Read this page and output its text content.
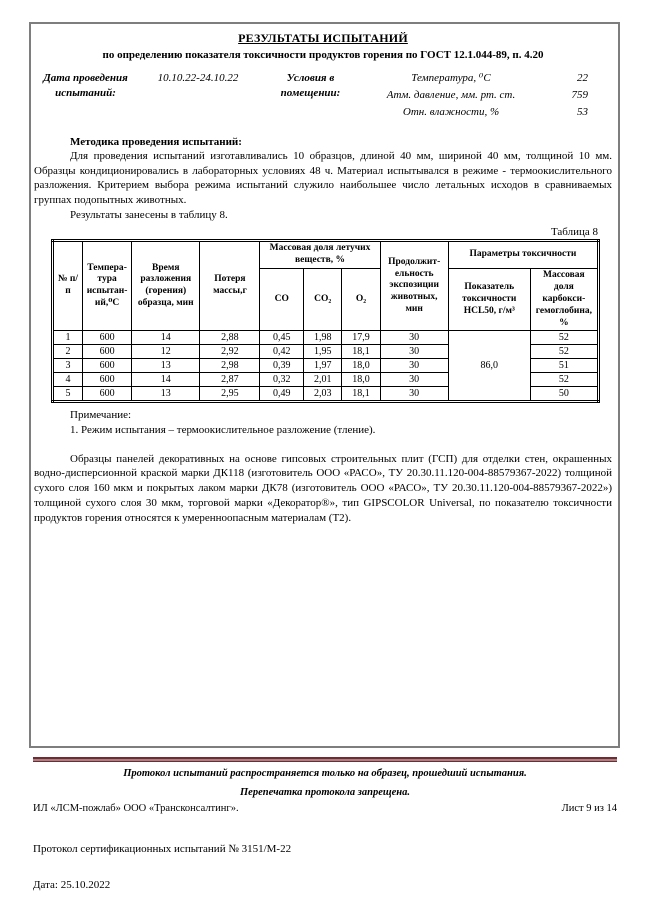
РЕЗУЛЬТАТЫ ИСПЫТАНИЙ
по определению показателя токсичности продуктов горения по ГОСТ 12.1.044-89, п. 4.20
Дата проведения испытаний:
10.10.22-24.10.22	Условия в помещении:
Температура, ⁰С	22
Атм. давление, мм. рт. ст.	759
Отн. влажности, %	53
Методика проведения испытаний:
Для проведения испытаний изготавливались 10 образцов, длиной 40 мм, шириной 40 мм, толщиной 10 мм. Образцы кондиционировались в лабораторных условиях 48 ч. Материал испытывался в режиме - термоокислительного разложения. Критерием выбора режима испытаний служило наибольшее число летальных исходов в сравниваемых группах подопытных животных.
Результаты занесены в таблицу 8.
Таблица 8
№ п/п	Температура испытаний,⁰С	Время разложения (горения) образца, мин	Потеря массы,г	Массовая доля летучих веществ, %			Продолжительность экспозиции животных, мин	Параметры токсичности	
				СО	СО₂	О₂		Показатель токсичности HCL50, г/м³	Массовая доля карбокси-гемоглобина, %
1	600	14	2,88	0,45	1,98	17,9	30	86,0	52
2	600	12	2,92	0,42	1,95	18,1	30		52
3	600	13	2,98	0,39	1,97	18,0	30		51
4	600	14	2,87	0,32	2,01	18,0	30		52
5	600	13	2,95	0,49	2,03	18,1	30		50
Примечание:
1. Режим испытания – термоокислительное разложение (тление).
Образцы панелей декоративных на основе гипсовых строительных плит (ГСП) для отделки стен, окрашенных водно-дисперсионной краской марки ДК118 (изготовитель ООО «РАСО», ТУ 20.30.11.120-004-88579367-2022) толщиной сухого слоя 160 мкм и покрытых лаком марки ДК78 (изготовитель ООО «РАСО», ТУ 20.30.11.120-004-88579367-2022») толщиной сухого слоя 30 мкм, торговой марки «Декоратор®», тип GIPSCOLOR Universal, по показателю токсичности продуктов горения относятся к умеренноопасным материалам (Т2).
Протокол испытаний распространяется только на образец, прошедший испытания.
Перепечатка протокола запрещена.
ИЛ «ЛСМ-пожлаб» ООО «Трансконсалтинг».	Лист 9 из 14
Протокол сертификационных испытаний № 3151/М-22
Дата: 25.10.2022
